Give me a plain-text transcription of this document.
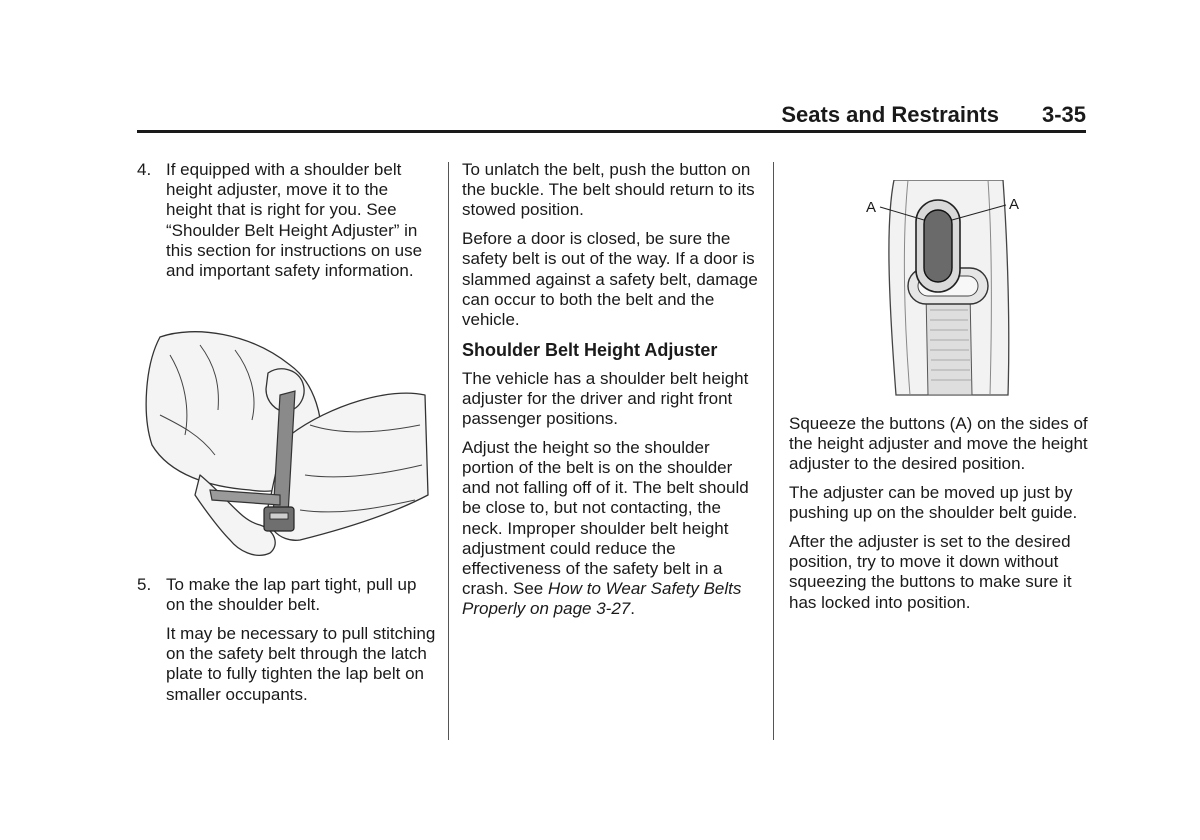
Seats and Restraints 3-35

4. If equipped with a shoulder belt height adjuster, move it to the height that is right for you. See “Shoulder Belt Height Adjuster” in this section for instructions on use and important safety information.

5. To make the lap part tight, pull up on the shoulder belt.

It may be necessary to pull stitching on the safety belt through the latch plate to fully tighten the lap belt on smaller occupants.

To unlatch the belt, push the button on the buckle. The belt should return to its stowed position.

Before a door is closed, be sure the safety belt is out of the way. If a door is slammed against a safety belt, damage can occur to both the belt and the vehicle.

Shoulder Belt Height Adjuster

The vehicle has a shoulder belt height adjuster for the driver and right front passenger positions.

Adjust the height so the shoulder portion of the belt is on the shoulder and not falling off of it. The belt should be close to, but not contacting, the neck. Improper shoulder belt height adjustment could reduce the effectiveness of the safety belt in a crash. See How to Wear Safety Belts Properly on page 3-27.

A	A

Squeeze the buttons (A) on the sides of the height adjuster and move the height adjuster to the desired position.

The adjuster can be moved up just by pushing up on the shoulder belt guide.

After the adjuster is set to the desired position, try to move it down without squeezing the buttons to make sure it has locked into position.
